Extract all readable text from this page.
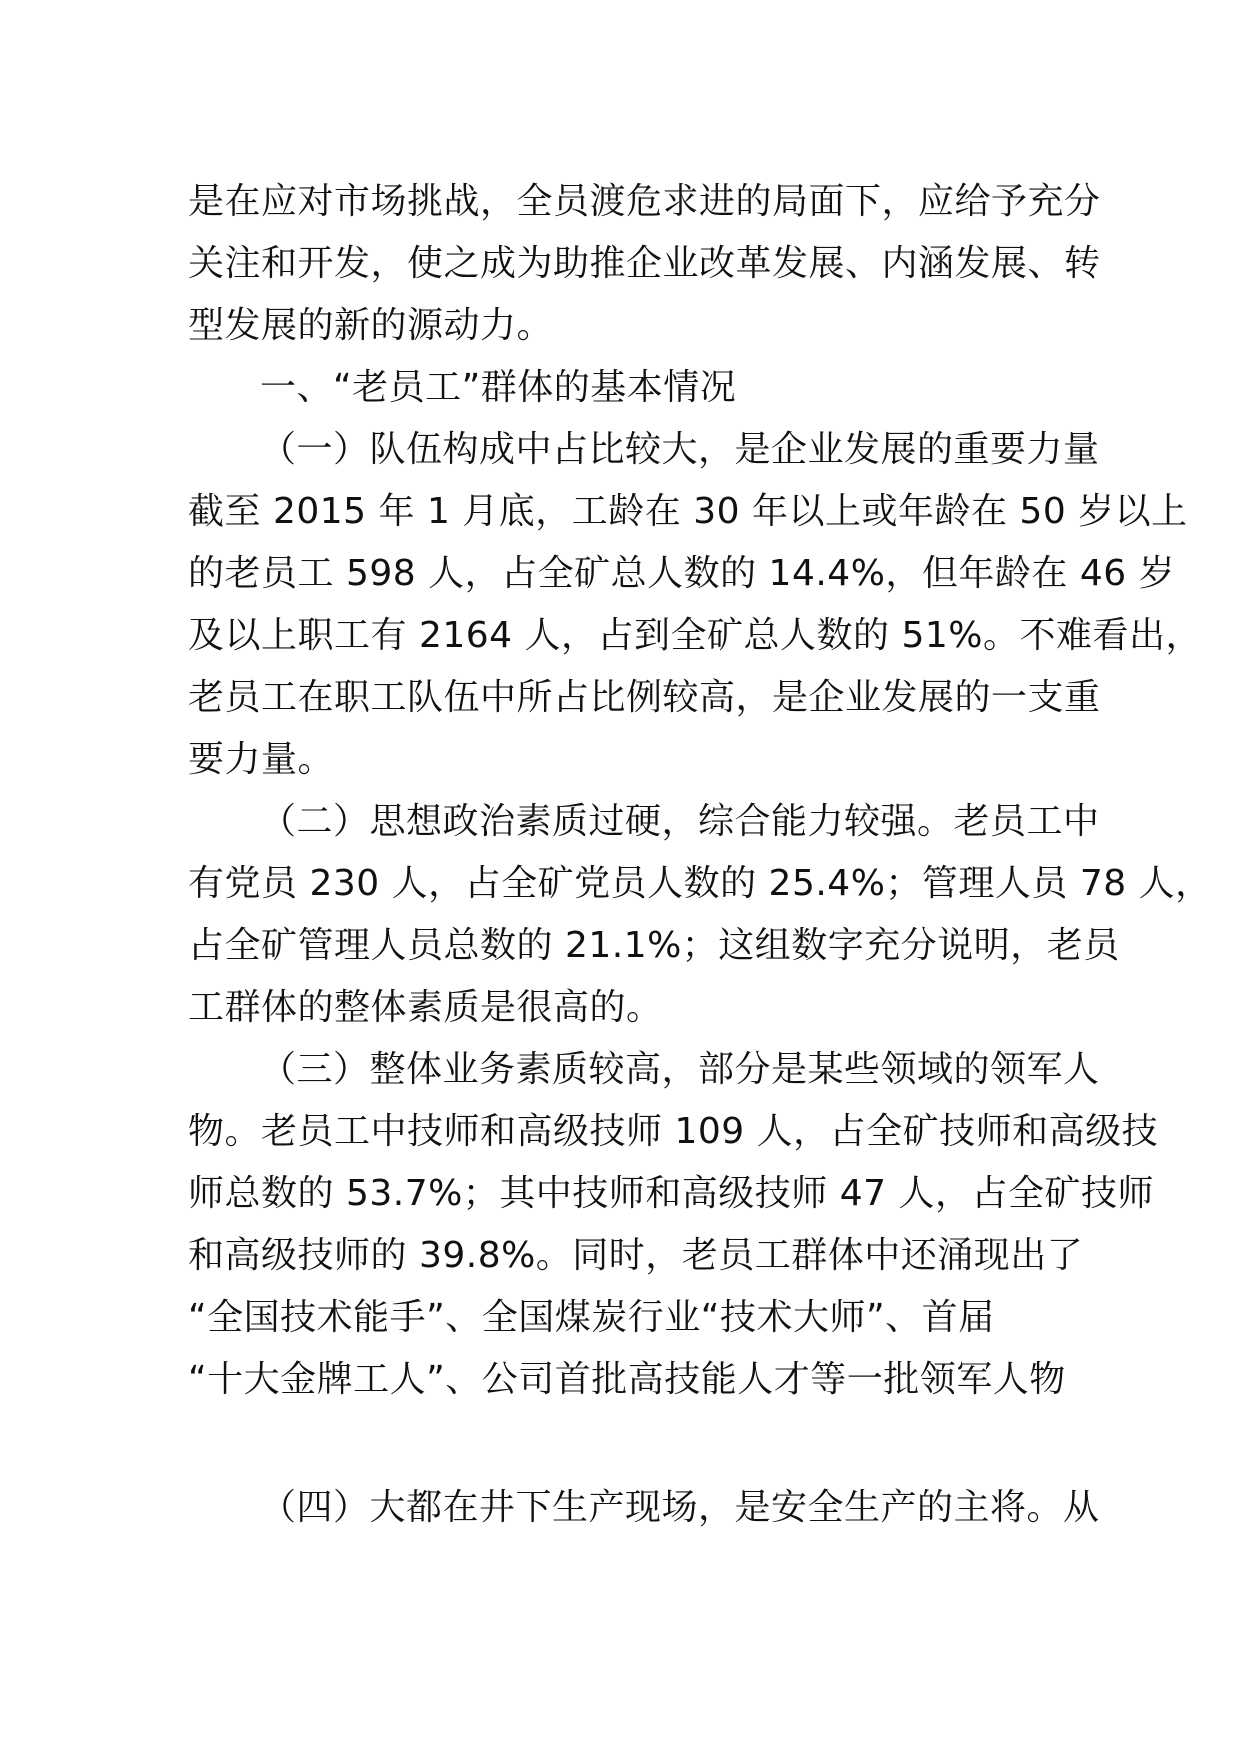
是在应对市场挑战，全员渡危求进的局面下，应给予充分
关注和开发，使之成为助推企业改革发展、内涵发展、转
型发展的新的源动力。
一、“老员工”群体的基本情况
（一）队伍构成中占比较大，是企业发展的重要力量
截至 2015 年 1 月底，工龄在 30 年以上或年龄在 50 岁以上
的老员工 598 人，占全矿总人数的 14.4%，但年龄在 46 岁
及以上职工有 2164 人，占到全矿总人数的 51%。不难看出，
老员工在职工队伍中所占比例较高，是企业发展的一支重
要力量。
（二）思想政治素质过硬，综合能力较强。老员工中
有党员 230 人，占全矿党员人数的 25.4%；管理人员 78 人，
占全矿管理人员总数的 21.1%；这组数字充分说明，老员
工群体的整体素质是很高的。
（三）整体业务素质较高，部分是某些领域的领军人
物。老员工中技师和高级技师 109 人，占全矿技师和高级技
师总数的 53.7%；其中技师和高级技师 47 人，占全矿技师
和高级技师的 39.8%。同时，老员工群体中还涌现出了
“全国技术能手”、全国煤炭行业“技术大师”、首届
“十大金牌工人”、公司首批高技能人才等一批领军人物
（四）大都在井下生产现场，是安全生产的主将。从
